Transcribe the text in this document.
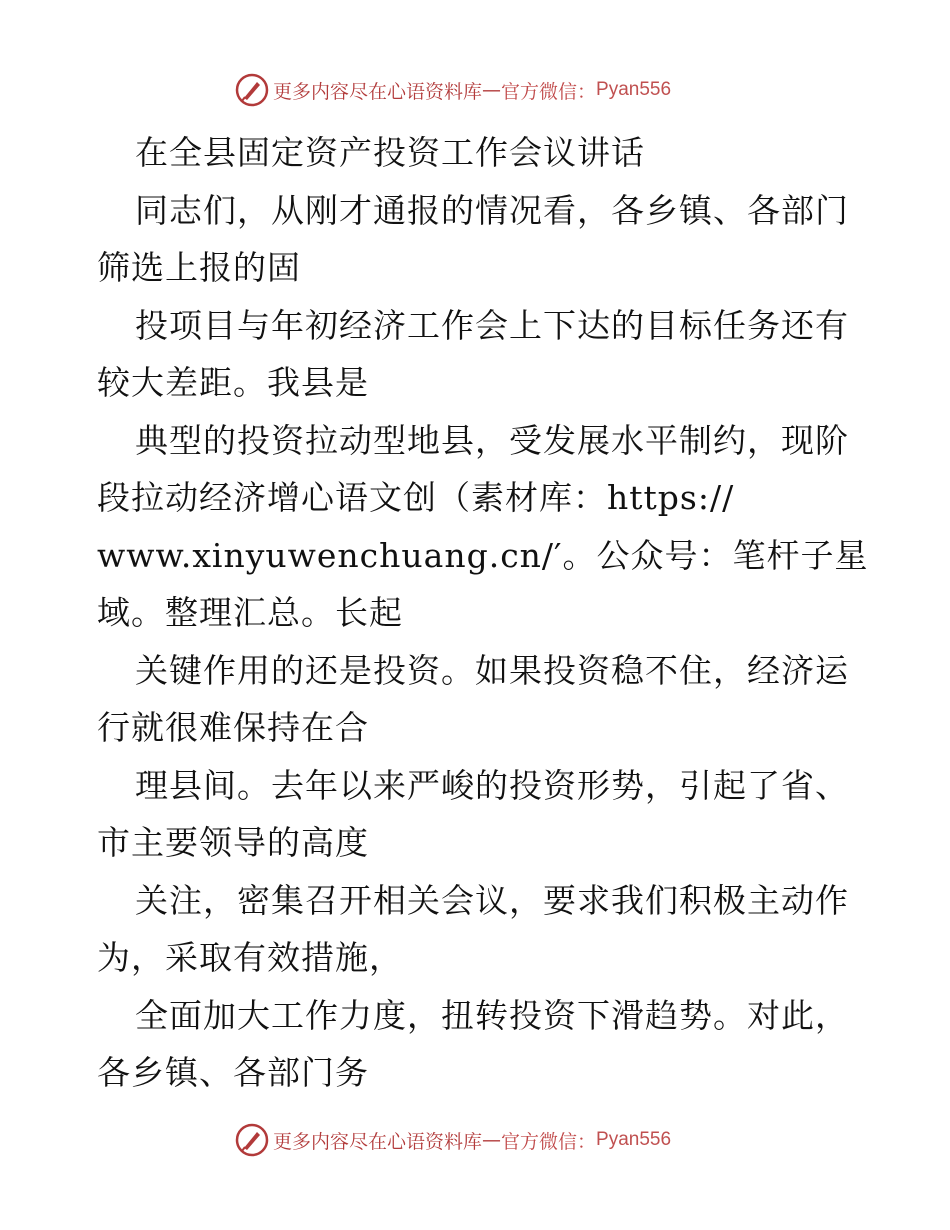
更多内容尽在心语资料库 — 官方微信： Pyan556
在全县固定资产投资工作会议讲话
同志们，从刚才通报的情况看，各乡镇、各部门
筛选上报的固
投项目与年初经济工作会上下达的目标任务还有
较大差距。我县是
典型的投资拉动型地县，受发展水平制约，现阶
段拉动经济增心语文创（素材库：https://
www.xinyuwenchuang.cn/′。公众号：笔杆子星
域。整理汇总。长起
关键作用的还是投资。如果投资稳不住，经济运
行就很难保持在合
理县间。去年以来严峻的投资形势，引起了省、
市主要领导的高度
关注，密集召开相关会议，要求我们积极主动作
为，采取有效措施，
全面加大工作力度，扭转投资下滑趋势。对此，
各乡镇、各部门务
更多内容尽在心语资料库 — 官方微信： Pyan556
